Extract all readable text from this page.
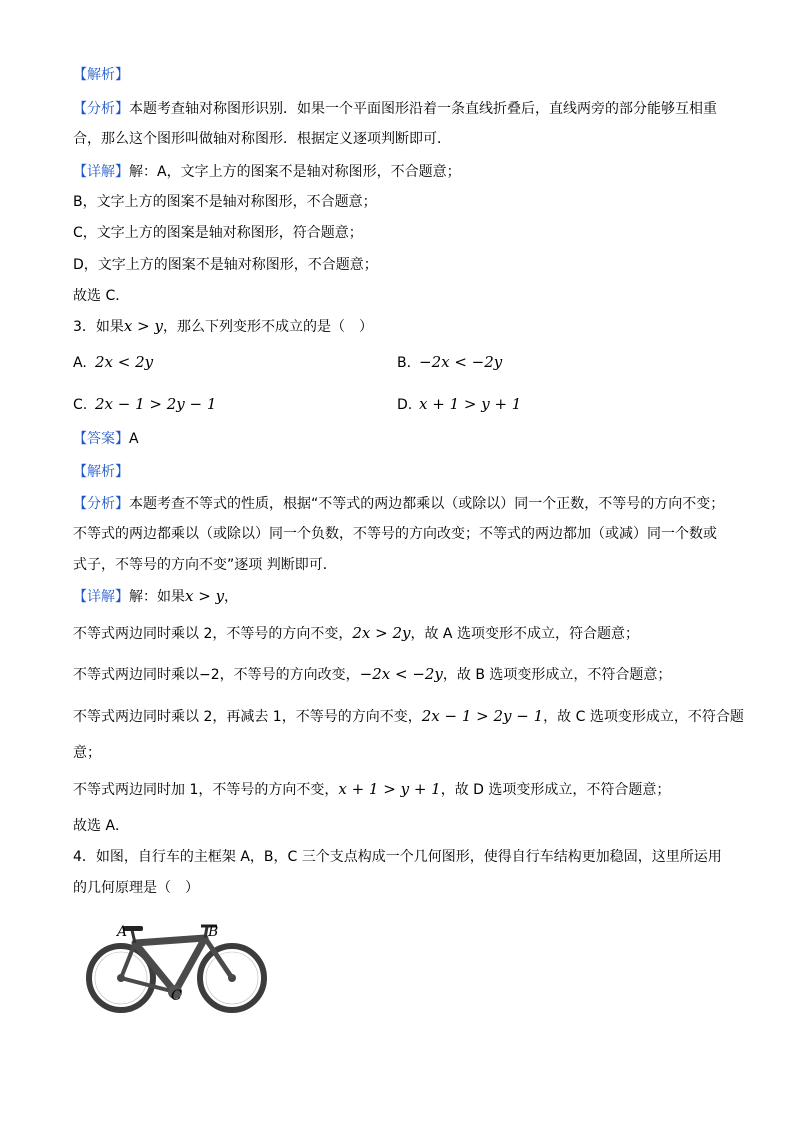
【解析】
【分析】本题考查轴对称图形识别．如果一个平面图形沿着一条直线折叠后，直线两旁的部分能够互相重
合，那么这个图形叫做轴对称图形．根据定义逐项判断即可．
【详解】解：A，文字上方的图案不是轴对称图形，不合题意；
B，文字上方的图案不是轴对称图形，不合题意；
C，文字上方的图案是轴对称图形，符合题意；
D，文字上方的图案不是轴对称图形，不合题意；
故选 C．
3．如果x > y，那么下列变形不成立的是（　）
A. 2x < 2y	B. −2x < −2y
C. 2x − 1 > 2y − 1	D. x + 1 > y + 1
【答案】A
【解析】
【分析】本题考查不等式的性质，根据“不等式的两边都乘以（或除以）同一个正数，不等号的方向不变；
不等式的两边都乘以（或除以）同一个负数，不等号的方向改变；不等式的两边都加（或减）同一个数或
式子，不等号的方向不变”逐项 判断即可．
【详解】解：如果x > y，
不等式两边同时乘以 2，不等号的方向不变，2x > 2y，故 A 选项变形不成立，符合题意；
不等式两边同时乘以−2，不等号的方向改变，−2x < −2y，故 B 选项变形成立，不符合题意；
不等式两边同时乘以 2，再减去 1，不等号的方向不变，2x − 1 > 2y − 1，故 C 选项变形成立，不符合题
意；
不等式两边同时加 1，不等号的方向不变，x + 1 > y + 1，故 D 选项变形成立，不符合题意；
故选 A．
4．如图，自行车的主框架 A，B，C 三个支点构成一个几何图形，使得自行车结构更加稳固，这里所运用
的几何原理是（　）
A	B
C
